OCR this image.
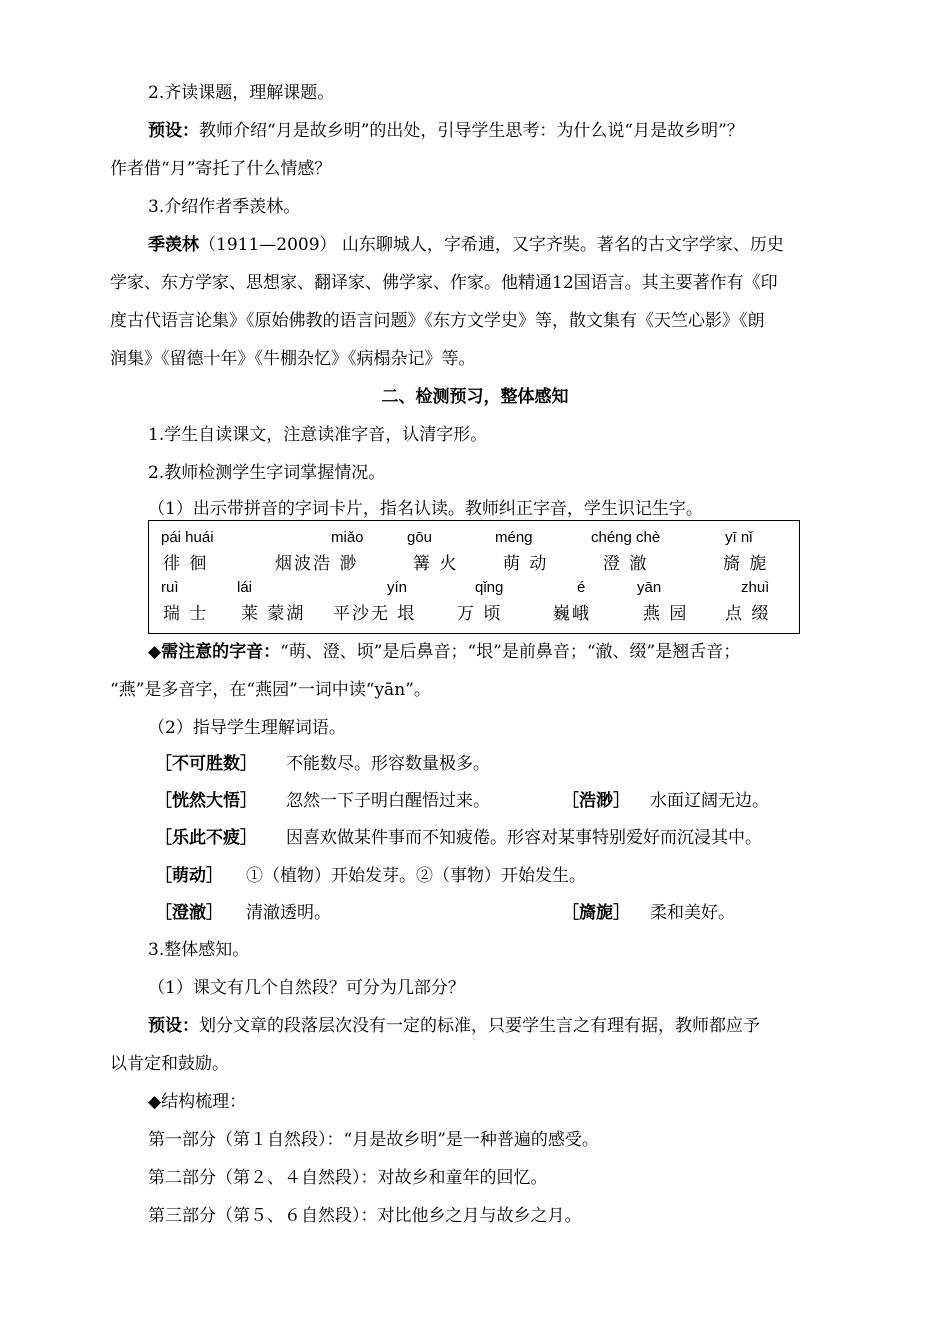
2.齐读课题，理解课题。
预设：教师介绍“月是故乡明”的出处，引导学生思考：为什么说“月是故乡明”？
作者借“月”寄托了什么情感？
3.介绍作者季羡林。
季羡林（1911—2009） 山东聊城人，字希逋，又字齐奘。著名的古文字学家、历史
学家、东方学家、思想家、翻译家、佛学家、作家。他精通12国语言。其主要著作有《印
度古代语言论集》《原始佛教的语言问题》《东方文学史》等，散文集有《天竺心影》《朗
润集》《留德十年》《牛棚杂忆》《病榻杂记》等。
二、检测预习，整体感知
1.学生自读课文，注意读准字音，认清字形。
2.教师检测学生字词掌握情况。
（1）出示带拼音的字词卡片，指名认读。教师纠正字音，学生识记生字。
pái huái
徘 徊
miǎo
烟波浩 渺
gōu
篝 火
méng
萌 动
chéng chè
澄 澈
yī nǐ
旖 旎
ruì
瑞 士
lái
莱 蒙湖
yín
平沙无 垠
qǐng
万 顷
é
巍峨
yān
燕 园
zhuì
点 缀
◆需注意的字音：“萌、澄、顷”是后鼻音；“垠”是前鼻音；“澈、缀”是翘舌音；
“燕”是多音字，在“燕园”一词中读“yān”。
（2）指导学生理解词语。
［不可胜数］ 不能数尽。形容数量极多。
［恍然大悟］ 忽然一下子明白醒悟过来。	［浩渺］ 水面辽阔无边。
［乐此不疲］ 因喜欢做某件事而不知疲倦。形容对某事特别爱好而沉浸其中。
［萌动］ ①（植物）开始发芽。②（事物）开始发生。
［澄澈］ 清澈透明。	［旖旎］ 柔和美好。
3.整体感知。
（1）课文有几个自然段？可分为几部分？
预设：划分文章的段落层次没有一定的标准，只要学生言之有理有据，教师都应予
以肯定和鼓励。
◆结构梳理：
第一部分（第１自然段）：“月是故乡明”是一种普遍的感受。
第二部分（第２、４自然段）：对故乡和童年的回忆。
第三部分（第５、６自然段）：对比他乡之月与故乡之月。
